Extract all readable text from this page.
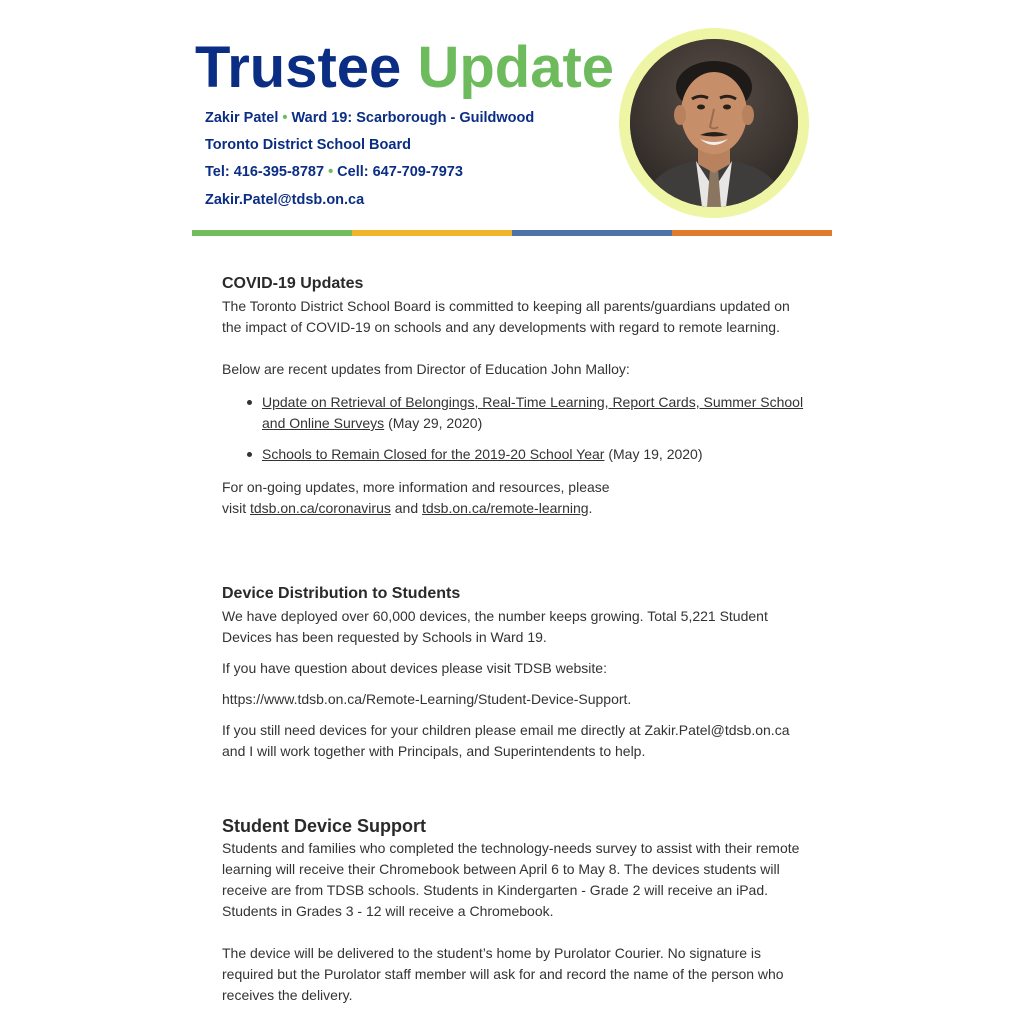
Trustee Update
Zakir Patel • Ward 19: Scarborough - Guildwood
Toronto District School Board
Tel: 416-395-8787 • Cell: 647-709-7973
Zakir.Patel@tdsb.on.ca
COVID-19 Updates

The Toronto District School Board is committed to keeping all parents/guardians updated on the impact of COVID-19 on schools and any developments with regard to remote learning.

Below are recent updates from Director of Education John Malloy:

Update on Retrieval of Belongings, Real-Time Learning, Report Cards, Summer School and Online Surveys (May 29, 2020)
Schools to Remain Closed for the 2019-20 School Year (May 19, 2020)

For on-going updates, more information and resources, please
visit tdsb.on.ca/coronavirus and tdsb.on.ca/remote-learning.

Device Distribution to Students

We have deployed over 60,000 devices, the number keeps growing. Total 5,221 Student Devices has been requested by Schools in Ward 19.

If you have question about devices please visit TDSB website:

https://www.tdsb.on.ca/Remote-Learning/Student-Device-Support.

If you still need devices for your children please email me directly at Zakir.Patel@tdsb.on.ca and I will work together with Principals, and Superintendents to help.

Student Device Support

Students and families who completed the technology-needs survey to assist with their remote learning will receive their Chromebook between April 6 to May 8. The devices students will receive are from TDSB schools. Students in Kindergarten - Grade 2 will receive an iPad. Students in Grades 3 - 12 will receive a Chromebook.

The device will be delivered to the student’s home by Purolator Courier. No signature is required but the Purolator staff member will ask for and record the name of the person who receives the delivery.
